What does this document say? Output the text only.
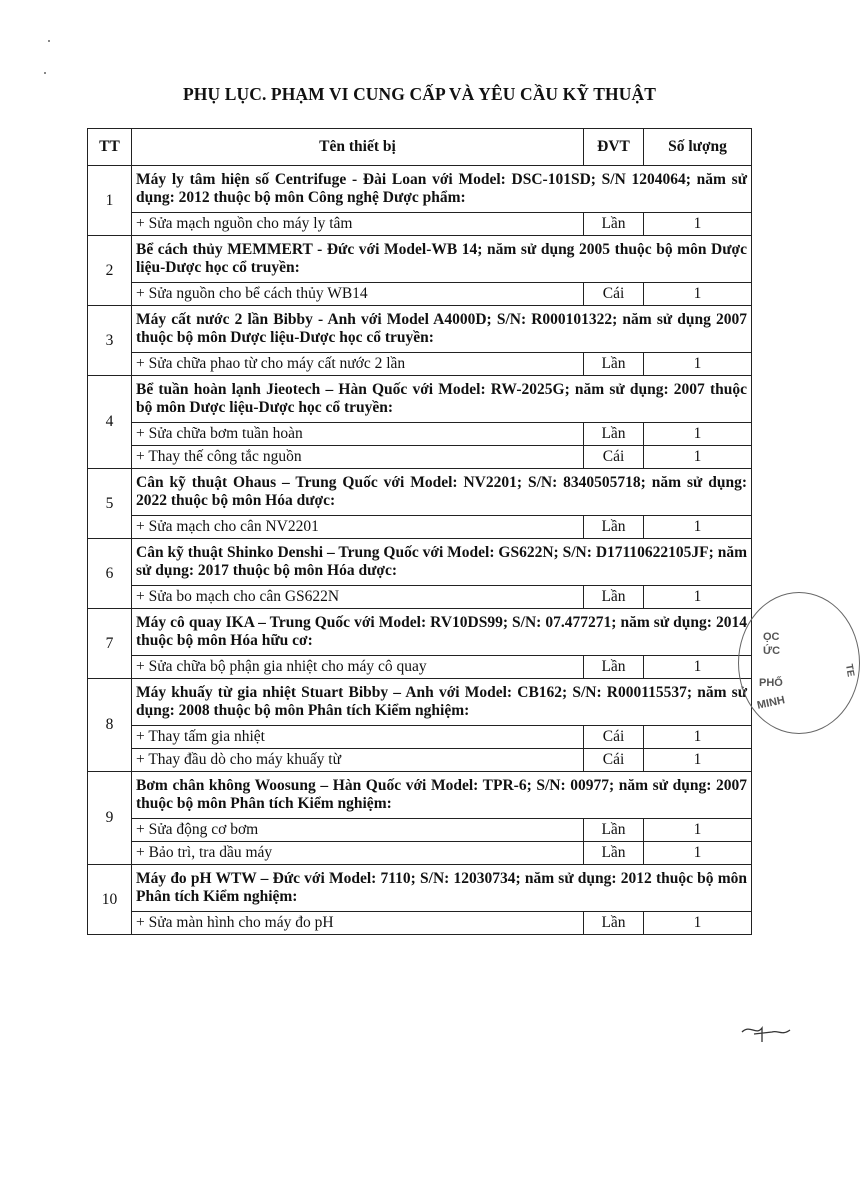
PHỤ LỤC. PHẠM VI CUNG CẤP VÀ YÊU CẦU KỸ THUẬT
TT	Tên thiết bị	ĐVT	Số lượng
1	Máy ly tâm hiện số Centrifuge - Đài Loan với Model: DSC-101SD; S/N 1204064; năm sử dụng: 2012 thuộc bộ môn Công nghệ Dược phẩm:		
	+ Sửa mạch nguồn cho máy ly tâm	Lần	1
2	Bể cách thủy MEMMERT - Đức với Model-WB 14; năm sử dụng 2005 thuộc bộ môn Dược liệu-Dược học cổ truyền:		
	+ Sửa nguồn cho bể cách thủy WB14	Cái	1
3	Máy cất nước 2 lần Bibby - Anh với Model A4000D; S/N: R000101322; năm sử dụng 2007 thuộc bộ môn Dược liệu-Dược học cổ truyền:		
	+ Sửa chữa phao từ cho máy cất nước 2 lần	Lần	1
4	Bể tuần hoàn lạnh Jieotech – Hàn Quốc với Model: RW-2025G; năm sử dụng: 2007 thuộc bộ môn Dược liệu-Dược học cổ truyền:		
	+ Sửa chữa bơm tuần hoàn	Lần	1
	+ Thay thế công tắc nguồn	Cái	1
5	Cân kỹ thuật Ohaus – Trung Quốc với Model: NV2201; S/N: 8340505718; năm sử dụng: 2022 thuộc bộ môn Hóa dược:		
	+ Sửa mạch cho cân NV2201	Lần	1
6	Cân kỹ thuật Shinko Denshi – Trung Quốc với Model: GS622N; S/N: D17110622105JF; năm sử dụng: 2017 thuộc bộ môn Hóa dược:		
	+ Sửa bo mạch cho cân GS622N	Lần	1
7	Máy cô quay IKA – Trung Quốc với Model: RV10DS99; S/N: 07.477271; năm sử dụng: 2014 thuộc bộ môn Hóa hữu cơ:		
	+ Sửa chữa bộ phận gia nhiệt cho máy cô quay	Lần	1
8	Máy khuấy từ gia nhiệt Stuart Bibby – Anh với Model: CB162; S/N: R000115537; năm sử dụng: 2008 thuộc bộ môn Phân tích Kiểm nghiệm:		
	+ Thay tấm gia nhiệt	Cái	1
	+ Thay đầu dò cho máy khuấy từ	Cái	1
9	Bơm chân không Woosung – Hàn Quốc với Model: TPR-6; S/N: 00977; năm sử dụng: 2007 thuộc bộ môn Phân tích Kiểm nghiệm:		
	+ Sửa động cơ bơm	Lần	1
	+ Bảo trì, tra dầu máy	Lần	1
10	Máy đo pH WTW – Đức với Model: 7110; S/N: 12030734; năm sử dụng: 2012 thuộc bộ môn Phân tích Kiểm nghiệm:		
	+ Sửa màn hình cho máy đo pH	Lần	1
ỌC
ỨC
PHỐ
MINH
TE
